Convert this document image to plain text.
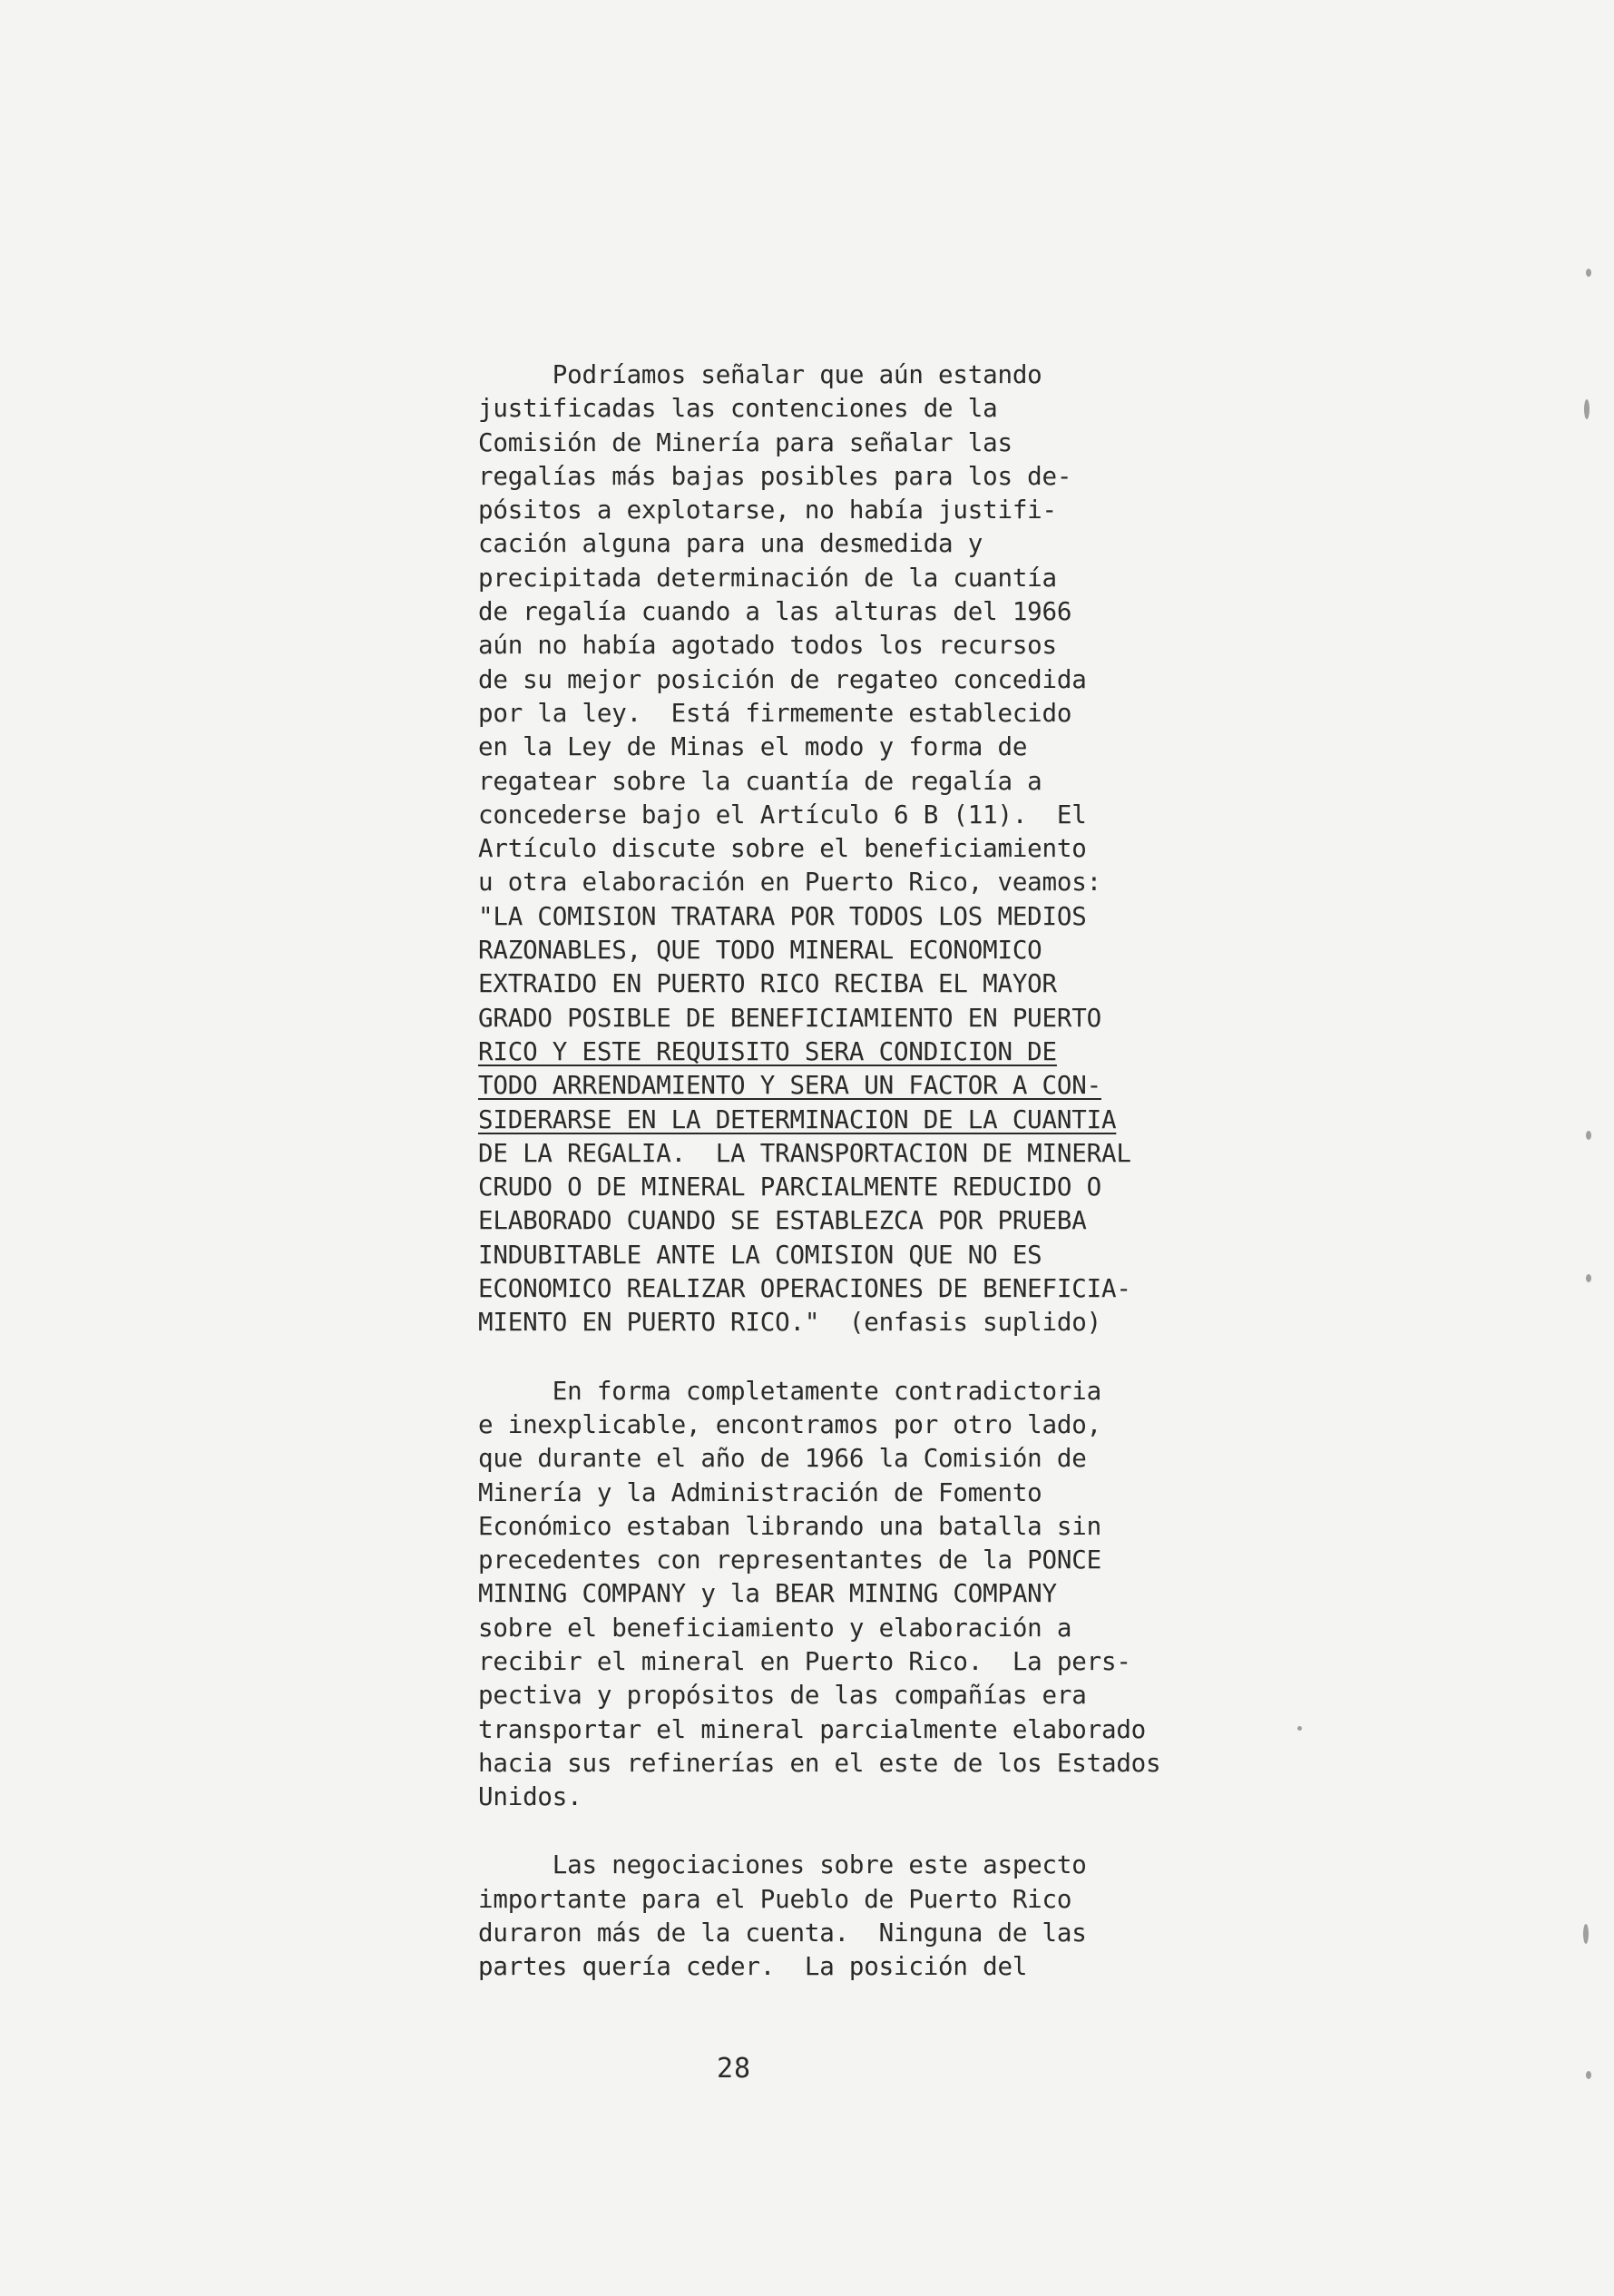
Podríamos señalar que aún estando
justificadas las contenciones de la
Comisión de Minería para señalar las
regalías más bajas posibles para los de-
pósitos a explotarse, no había justifi-
cación alguna para una desmedida y
precipitada determinación de la cuantía
de regalía cuando a las alturas del 1966
aún no había agotado todos los recursos
de su mejor posición de regateo concedida
por la ley.  Está firmemente establecido
en la Ley de Minas el modo y forma de
regatear sobre la cuantía de regalía a
concederse bajo el Artículo 6 B (11).  El
Artículo discute sobre el beneficiamiento
u otra elaboración en Puerto Rico, veamos:
"LA COMISION TRATARA POR TODOS LOS MEDIOS
RAZONABLES, QUE TODO MINERAL ECONOMICO
EXTRAIDO EN PUERTO RICO RECIBA EL MAYOR
GRADO POSIBLE DE BENEFICIAMIENTO EN PUERTO
RICO Y ESTE REQUISITO SERA CONDICION DE
TODO ARRENDAMIENTO Y SERA UN FACTOR A CON-
SIDERARSE EN LA DETERMINACION DE LA CUANTIA
DE LA REGALIA.  LA TRANSPORTACION DE MINERAL
CRUDO O DE MINERAL PARCIALMENTE REDUCIDO O
ELABORADO CUANDO SE ESTABLEZCA POR PRUEBA
INDUBITABLE ANTE LA COMISION QUE NO ES
ECONOMICO REALIZAR OPERACIONES DE BENEFICIA-
MIENTO EN PUERTO RICO."  (enfasis suplido)
En forma completamente contradictoria
e inexplicable, encontramos por otro lado,
que durante el año de 1966 la Comisión de
Minería y la Administración de Fomento
Económico estaban librando una batalla sin
precedentes con representantes de la PONCE
MINING COMPANY y la BEAR MINING COMPANY
sobre el beneficiamiento y elaboración a
recibir el mineral en Puerto Rico.  La pers-
pectiva y propósitos de las compañías era
transportar el mineral parcialmente elaborado
hacia sus refinerías en el este de los Estados
Unidos.
Las negociaciones sobre este aspecto
importante para el Pueblo de Puerto Rico
duraron más de la cuenta.  Ninguna de las
partes quería ceder.  La posición del
28
